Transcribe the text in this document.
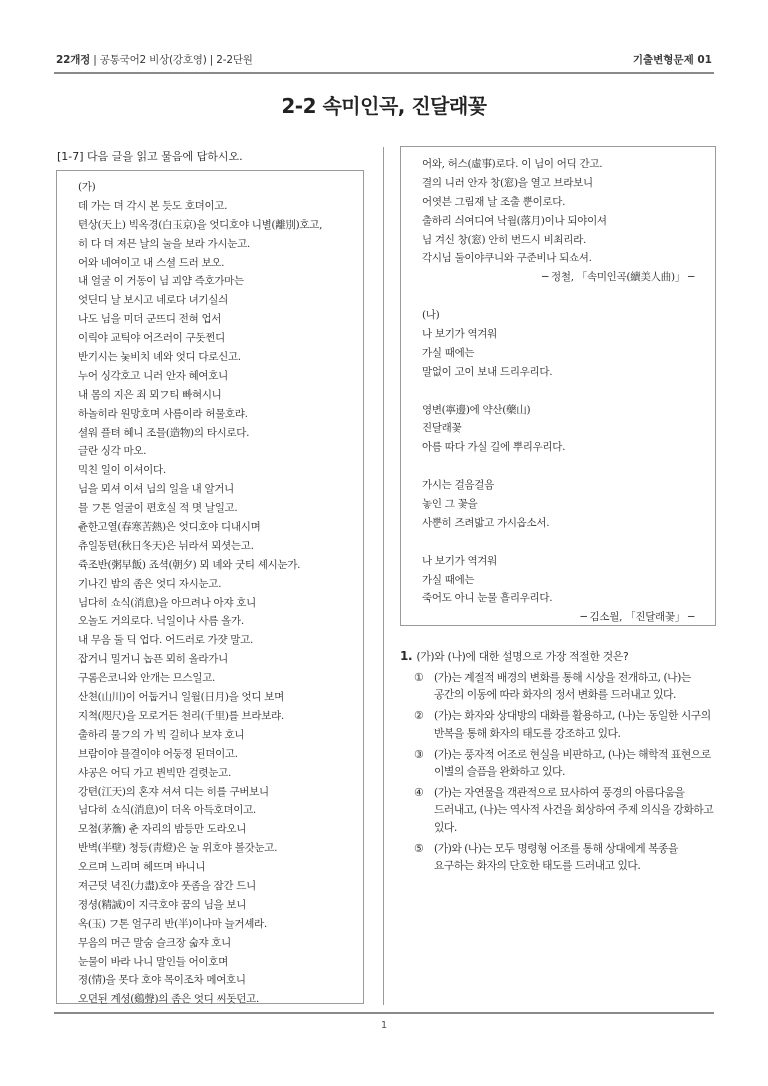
22개정 | 공통국어2 비상(강호영) | 2-2단원	기출변형문제 01
2-2 속미인곡, 진달래꽃
[1-7] 다음 글을 읽고 물음에 답하시오.
(가)
데 가는 뎌 각시 본 듯도 호뎌이고.
텬상(天上) 빅옥경(白玉京)을 엇디호야 니별(離別)호고,
히 다 뎌 져믄 날의 눌을 보라 가시눈고.
어와 네여이고 내 스셜 드러 보오.
내 얼굴 이 거동이 님 괴얌 즉호가마는
엇딘디 날 보시고 네로다 녀기실싀
나도 님을 미더 군뜨디 전혀 업서
이릭야 교틱야 어즈러이 구돗쩐디
반기시는 눛비치 녜와 엇디 다로신고.
누어 싱각호고 니러 안자 혜여호니
내 몸의 지은 죄 뫼フ티 빠혀시니
하놀히라 원망호며 사름이라 허물호랴.
셜워 플텨 혜니 조믈(造物)의 타시로다.
글란 싱각 마오.
믹친 일이 이셔이다.
님을 뫼셔 이셔 님의 일을 내 알거니
믈 フ톤 얼굴이 편호실 적 몃 날일고.
츈한고열(春寒苦熱)은 엇디호야 디내시며
츄일동텬(秋日冬天)은 뉘라셔 뫼셧는고.
쥭조반(粥早飯) 죠셕(朝夕) 뫼 녜와 굿티 셰시눈가.
기나긴 밤의 좀은 엇디 자시눈고.
님다히 쇼식(消息)을 아므려나 아쟈 호니
오놀도 거의로다. 닉일이나 사름 올가.
내 무음 둘 딕 업다. 어드러로 가쟛 말고.
잡거니 밀거니 놉픈 뫼히 올라가니
구롬은코니와 안개는 므스일고.
산쳔(山川)이 어둡거니 일월(日月)을 엇디 보며
지쳑(咫尺)을 모로거든 쳔리(千里)를 브라보랴.
출하리 물フ의 가 빅 길히나 보쟈 호니
브람이야 믈결이야 어둥졍 된뎌이고.
샤공은 어딕 가고 븬빅만 걸렷눈고.
강텬(江天)의 혼쟈 셔셔 디는 히를 구버보니
님다히 쇼식(消息)이 더옥 아득호뎌이고.
모쳠(茅簷) 춘 자리의 밤등만 도라오니
반벽(半壁) 쳥등(靑燈)은 눌 위호야 볼갓눈고.
오르며 느리며 헤뜨며 바니니
져근덧 녁진(力盡)호야 풋좀을 잠간 드니
졍셩(精誠)이 지극호야 꿈의 님을 보니
옥(玉) フ톤 얼구리 반(半)이나마 늘거셰라.
무음의 머근 말숨 슬크장 숣쟈 호니
눈물이 바라 나니 말인들 어이호며
졍(情)을 못다 호야 목이조차 메여호니
오뎐된 계셩(鷄聲)의 좀은 엇디 씨돗던고.
어와, 허스(虛事)로다. 이 님이 어딕 간고.
결의 니러 안자 창(窓)을 열고 브라보니
어엿븐 그림재 날 조출 뿐이로다.
출하리 싀여디여 낙월(落月)이나 되야이셔
님 겨신 창(窓) 안히 번드시 비최리라.
각시님 둘이야쿠니와 구준비나 되쇼셔.
─ 정철, 「속미인곡(續美人曲)」 ─
(나)
나 보기가 역겨워
가실 때에는
말없이 고이 보내 드리우리다.
영변(寧邊)에 약산(藥山)
진달래꽃
아름 따다 가실 길에 뿌리우리다.
가시는 걸음걸음
놓인 그 꽃을
사뿐히 즈려밟고 가시옵소서.
나 보기가 역겨워
가실 때에는
죽어도 아니 눈물 흘리우리다.
─ 김소월, 「진달래꽃」 ─
1. (가)와 (나)에 대한 설명으로 가장 적절한 것은?
① (가)는 계절적 배경의 변화를 통해 시상을 전개하고, (나)는 공간의 이동에 따라 화자의 정서 변화를 드러내고 있다.
② (가)는 화자와 상대방의 대화를 활용하고, (나)는 동일한 시구의 반복을 통해 화자의 태도를 강조하고 있다.
③ (가)는 풍자적 어조로 현실을 비판하고, (나)는 해학적 표현으로 이별의 슬픔을 완화하고 있다.
④ (가)는 자연물을 객관적으로 묘사하여 풍경의 아름다움을 드러내고, (나)는 역사적 사건을 회상하여 주제 의식을 강화하고 있다.
⑤ (가)와 (나)는 모두 명령형 어조를 통해 상대에게 복종을 요구하는 화자의 단호한 태도를 드러내고 있다.
1
